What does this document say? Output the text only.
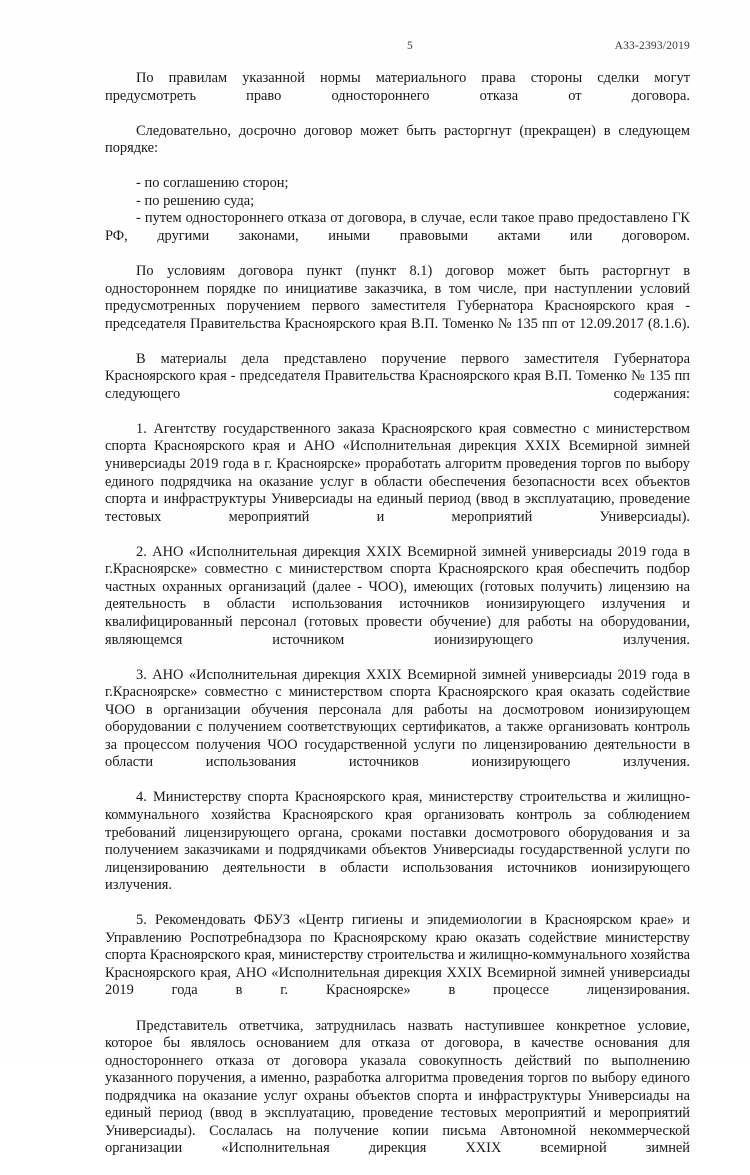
5	А33-2393/2019

По правилам указанной нормы материального права стороны сделки могут предусмотреть право одностороннего отказа от договора.

Следовательно, досрочно договор может быть расторгнут (прекращен) в следующем порядке:

- по соглашению сторон;

- по решению суда;

- путем одностороннего отказа от договора, в случае, если такое право предоставлено ГК РФ, другими законами, иными правовыми актами или договором.

По условиям договора пункт (пункт 8.1) договор может быть расторгнут в одностороннем порядке по инициативе заказчика, в том числе, при наступлении условий предусмотренных поручением первого заместителя Губернатора Красноярского края - председателя Правительства Красноярского края В.П. Томенко № 135 пп от 12.09.2017 (8.1.6).

В материалы дела представлено поручение первого заместителя Губернатора Красноярского края - председателя Правительства Красноярского края В.П. Томенко № 135 пп следующего содержания:

1. Агентству государственного заказа Красноярского края совместно с министерством спорта Красноярского края и АНО «Исполнительная дирекция XXIX Всемирной зимней универсиады 2019 года в г. Красноярске» проработать алгоритм проведения торгов по выбору единого подрядчика на оказание услуг в области обеспечения безопасности всех объектов спорта и инфраструктуры Универсиады на единый период (ввод в эксплуатацию, проведение тестовых мероприятий и мероприятий Универсиады).

2. АНО «Исполнительная дирекция XXIX Всемирной зимней универсиады 2019 года в г.Красноярске» совместно с министерством спорта Красноярского края обеспечить подбор частных охранных организаций (далее - ЧОО), имеющих (готовых получить) лицензию на деятельность в области использования источников ионизирующего излучения и квалифицированный персонал (готовых провести обучение) для работы на оборудовании, являющемся источником ионизирующего излучения.

3. АНО «Исполнительная дирекция XXIX Всемирной зимней универсиады 2019 года в г.Красноярске» совместно с министерством спорта Красноярского края оказать содействие ЧОО в организации обучения персонала для работы на досмотровом ионизирующем оборудовании с получением соответствующих сертификатов, а также организовать контроль за процессом получения ЧОО государственной услуги по лицензированию деятельности в области использования источников ионизирующего излучения.

4. Министерству спорта Красноярского края, министерству строительства и жилищно-коммунального хозяйства Красноярского края организовать контроль за соблюдением требований лицензирующего органа, сроками поставки досмотрового оборудования и за получением заказчиками и подрядчиками объектов Универсиады государственной услуги по лицензированию деятельности в области использования источников ионизирующего излучения.

5. Рекомендовать ФБУЗ «Центр гигиены и эпидемиологии в Красноярском крае» и Управлению Роспотребнадзора по Красноярскому краю оказать содействие министерству спорта Красноярского края, министерству строительства и жилищно-коммунального хозяйства Красноярского края, АНО «Исполнительная дирекция XXIX Всемирной зимней универсиады 2019 года в г. Красноярске» в процессе лицензирования.

Представитель ответчика, затруднилась назвать наступившее конкретное условие, которое бы являлось основанием для отказа от договора, в качестве основания для одностороннего отказа от договора указала совокупность действий по выполнению указанного поручения, а именно, разработка алгоритма проведения торгов по выбору единого подрядчика на оказание услуг охраны объектов спорта и инфраструктуры Универсиады на единый период (ввод в эксплуатацию, проведение тестовых мероприятий и мероприятий Универсиады). Сослалась на получение копии письма Автономной некоммерческой организации «Исполнительная дирекция XXIX всемирной зимней
